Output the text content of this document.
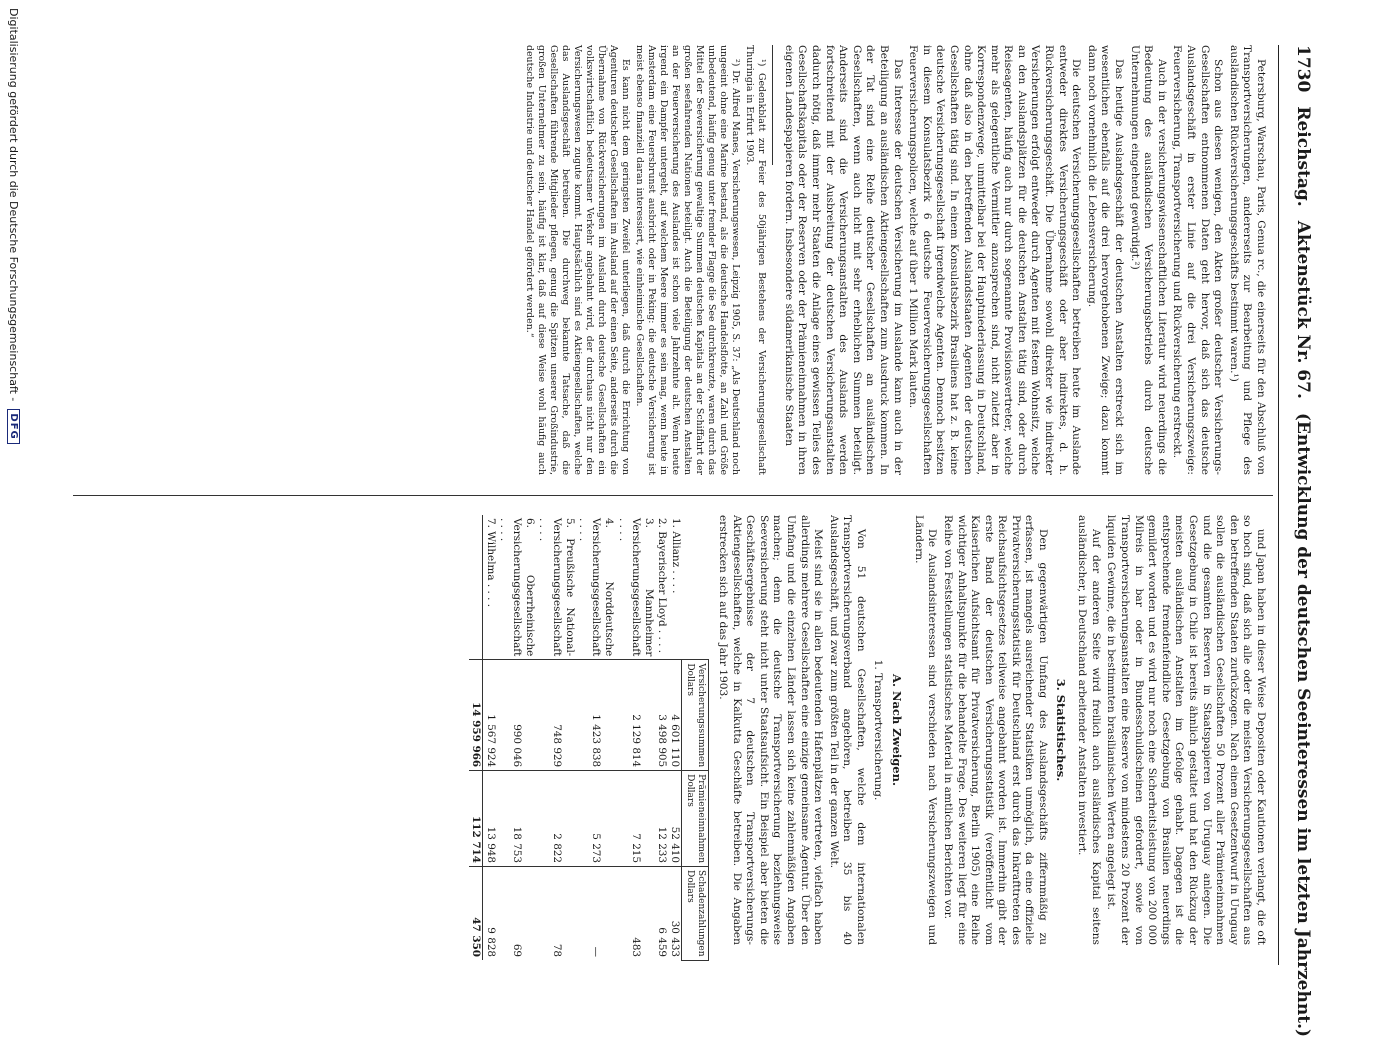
1730
Reichstag.
Aktenstück Nr. 67.
(Entwicklung der deutschen Seeinteressen im letzten Jahrzehnt.)

Petersburg, Warschau, Paris, Genua rc., die einerseits für den Abschluß von Transportversicherungen, andererseits zur Bearbeitung und Pflege des ausländischen Rückversicherungsgeschäfts bestimmt waren.¹)

Schon aus diesen wenigen, den Akten großer deutscher Versicherungs-Gesellschaften entnommenen Daten geht hervor, daß sich das deutsche Auslandsgeschäft in erster Linie auf die drei Versicherungszweige: Feuerversicherung, Transportversicherung und Rückversicherung erstreckt.

Auch in der versicherungswissenschaftlichen Literatur wird neuerdings die Bedeutung des ausländischen Versicherungsbetriebs durch deutsche Unternehmungen eingehend gewürdigt.²)

Das heutige Auslandsgeschäft der deutschen Anstalten erstreckt sich im wesentlichen ebenfalls auf die drei hervorgehobenen Zweige; dazu kommt dann noch vornehmlich die Lebensversicherung.

Die deutschen Versicherungsgesellschaften betreiben heute im Auslande entweder direktes Versicherungsgeschäft oder aber indirektes, d. h. Rückversicherungsgeschäft. Die Übernahme sowohl direkter wie indirekter Versicherungen erfolgt entweder durch Agenten mit festem Wohnsitz, welche an den Auslandsplätzen für die deutschen Anstalten tätig sind, oder durch Reiseagenten, häufig auch nur durch sogenannte Provisionsvertreter, welche mehr als gelegentliche Vermittler anzusprechen sind, nicht zuletzt aber in Korrespondenzwege, unmittelbar bei der Hauptniederlassung in Deutschland, ohne daß also in den betreffenden Auslandsstaaten Agenten der deutschen Gesellschaften tätig sind. In einem Konsulatsbezirk Brasiliens hat z. B. keine deutsche Versicherungsgesellschaft irgendwelche Agenten. Dennoch besitzen in diesem Konsulatsbezirk 6 deutsche Feuerversicherungsgesellschaften Feuerversicherungspolicen, welche auf über 1 Million Mark lauten.

Das Interesse der deutschen Versicherung im Auslande kann auch in der Beteiligung an ausländischen Aktiengesellschaften zum Ausdruck kommen. In der Tat sind eine Reihe deutscher Gesellschaften an ausländischen Gesellschaften, wenn auch nicht mit sehr erheblichen Summen beteiligt. Anderseits sind die Versicherungsanstalten des Auslands werden fortschreitend mit der Ausbreitung der deutschen Versicherungsanstalten dadurch nötig, daß immer mehr Staaten die Anlage eines gewissen Teiles des Gesellschaftskapitals oder der Reserven oder der Prämieneinnahmen in ihren eigenen Landespapieren fordern. Insbesondere südamerikanische Staaten

¹) Gedenkblatt zur Feier des 50jährigen Bestehens der Versicherungsgesellschaft Thuringia in Erfurt 1903.

²) Dr. Alfred Manes, Versicherungswesen, Leipzig 1905, S. 37: „Als Deutschland noch ungeeint ohne eine Marine bestand, als die deutsche Handelsflotte, an Zahl und Größe unbedeutend, häufig genug unter fremder Flagge die See durchkreuzte, waren durch das Mittel der Seeversicherung gewaltige Summen deutschen Kapitals an der Schiffahrt der großen seefahrenden Nationen beteiligt. Auch die Beteiligung der deutschen Anstalten an der Feuerversicherung des Auslandes ist schon viele Jahrzehnte alt. Wenn heute irgend ein Dampfer untergeht, auf welchem Meere immer es sein mag, wenn heute in Amsterdam eine Feuersbrunst ausbricht oder in Peking: die deutsche Versicherung ist meist ebenso finanziell daran interessiert, wie einheimische Gesellschaften.

Es kann nicht dem geringsten Zweifel unterliegen, daß durch die Errichtung von Agenturen deutscher Gesellschaften im Ausland auf der einen Seite, anderseits durch die Übernahme von Rückversicherungen im Ausland durch deutsche Gesellschaften ein volkswirtschaftlich bedeutsamer Verkehr angebahnt wird, der durchaus nicht nur den Versicherungswesen zugute kommt. Hauptsächlich sind es Aktiengesellschaften, welche das Auslandsgeschäft betreiben. Die durchweg bekannte Tatsache, daß die Gesellschaften führende Mitglieder pflegen, genug die Spitzen unserer Großindustrie, großen Unternehmer zu sein, häufig ist klar, daß auf diese Weise wohl häufig auch deutsche Industrie und deutscher Handel gefördert werden.“

und Japan haben in dieser Weise Depositen oder Kautionen verlangt, die oft so hoch sind, daß sich alle oder die meisten Versicherungsgesellschaften aus den betreffenden Staaten zurückzogen. Nach einem Gesetzentwurf in Uruguay sollen die ausländischen Gesellschaften 50 Prozent aller Prämieneinnahmen und die gesamten Reserven in Staatspapieren von Uruguay anlegen. Die Gesetzgebung in Chile ist bereits ähnlich gestaltet und hat den Rückzug der meisten ausländischen Anstalten im Gefolge gehabt. Dagegen ist die entsprechende fremdenfeindliche Gesetzgebung von Brasilien neuerdings gemildert worden und es wird nur noch eine Sicherheitsleistung von 200 000 Milreis in bar oder in Bundesschuldscheinen gefordert, sowie von Transportversicherungsanstalten eine Reserve von mindestens 20 Prozent der liquiden Gewinne, die in bestimmten brasilianischen Werten angelegt ist.

Auf der anderen Seite wird freilich auch ausländisches Kapital seitens ausländischer, in Deutschland arbeitender Anstalten investiert.

3. Statistisches.

Den gegenwärtigen Umfang des Auslandsgeschäfts ziffernmäßig zu erfassen, ist mangels ausreichender Statistiken unmöglich, da eine offizielle Privatversicherungsstatistik für Deutschland erst durch das Inkrafttreten des Reichsaufsichtsgesetzes teilweise angebahnt worden ist. Immerhin gibt der erste Band der deutschen Versicherungsstatistik (veröffentlicht vom Kaiserlichen Aufsichtsamt für Privatversicherung, Berlin 1905) eine Reihe wichtiger Anhaltspunkte für die behandelte Frage. Des weiteren liegt für eine Reihe von Feststellungen statistisches Material in amtlichen Berichten vor.

Die Auslandsinteressen sind verschieden nach Versicherungszweigen und Ländern.

A. Nach Zweigen.

1. Transportversicherung.

Von 51 deutschen Gesellschaften, welche dem internationalen Transportversicherungsverband angehören, betreiben 35 bis 40 Auslandsgeschäft, und zwar zum größten Teil in der ganzen Welt.

Meist sind sie in allen bedeutenden Hafenplätzen vertreten, vielfach haben allerdings mehrere Gesellschaften eine einzige gemeinsame Agentur. Über den Umfang und die einzelnen Länder lassen sich keine zahlenmäßigen Angaben machen; denn die deutsche Transportversicherung beziehungsweise Seeversicherung steht nicht unter Staatsaufsicht. Ein Beispiel aber bieten die Geschäftsergebnisse der 7 deutschen Transportversicherungs-Aktiengesellschaften, welche in Kalkutta Geschäfte betreiben. Die Angaben erstrecken sich auf das Jahr 1903.

	Versicherungssummen Dollars	Prämieneinnahmen Dollars	Schadenzahlungen Dollars
1. Allianz . . . .	4 601 110	52 410	30 433
2. Bayerischer Lloyd . . . .	3 498 905	12 233	6 459
3. Mannheimer Versicherungsgesellschaft . . . .	2 129 814	7 215	483
4. Norddeutsche Versicherungsgesellschaft . . . .	1 423 838	5 273	—
5. Preußische National-Versicherungsgesellschaft . . . .	748 929	2 822	78
6. Oberrheinische Versicherungsgesellschaft . . . .	990 046	18 753	69
7. Wilhelma . . . .	1 567 924	13 948	9 828
	14 959 966	112 714	47 350
Digitalisierung gefördert durch die Deutsche Forschungsgemeinschaft -
DFG
